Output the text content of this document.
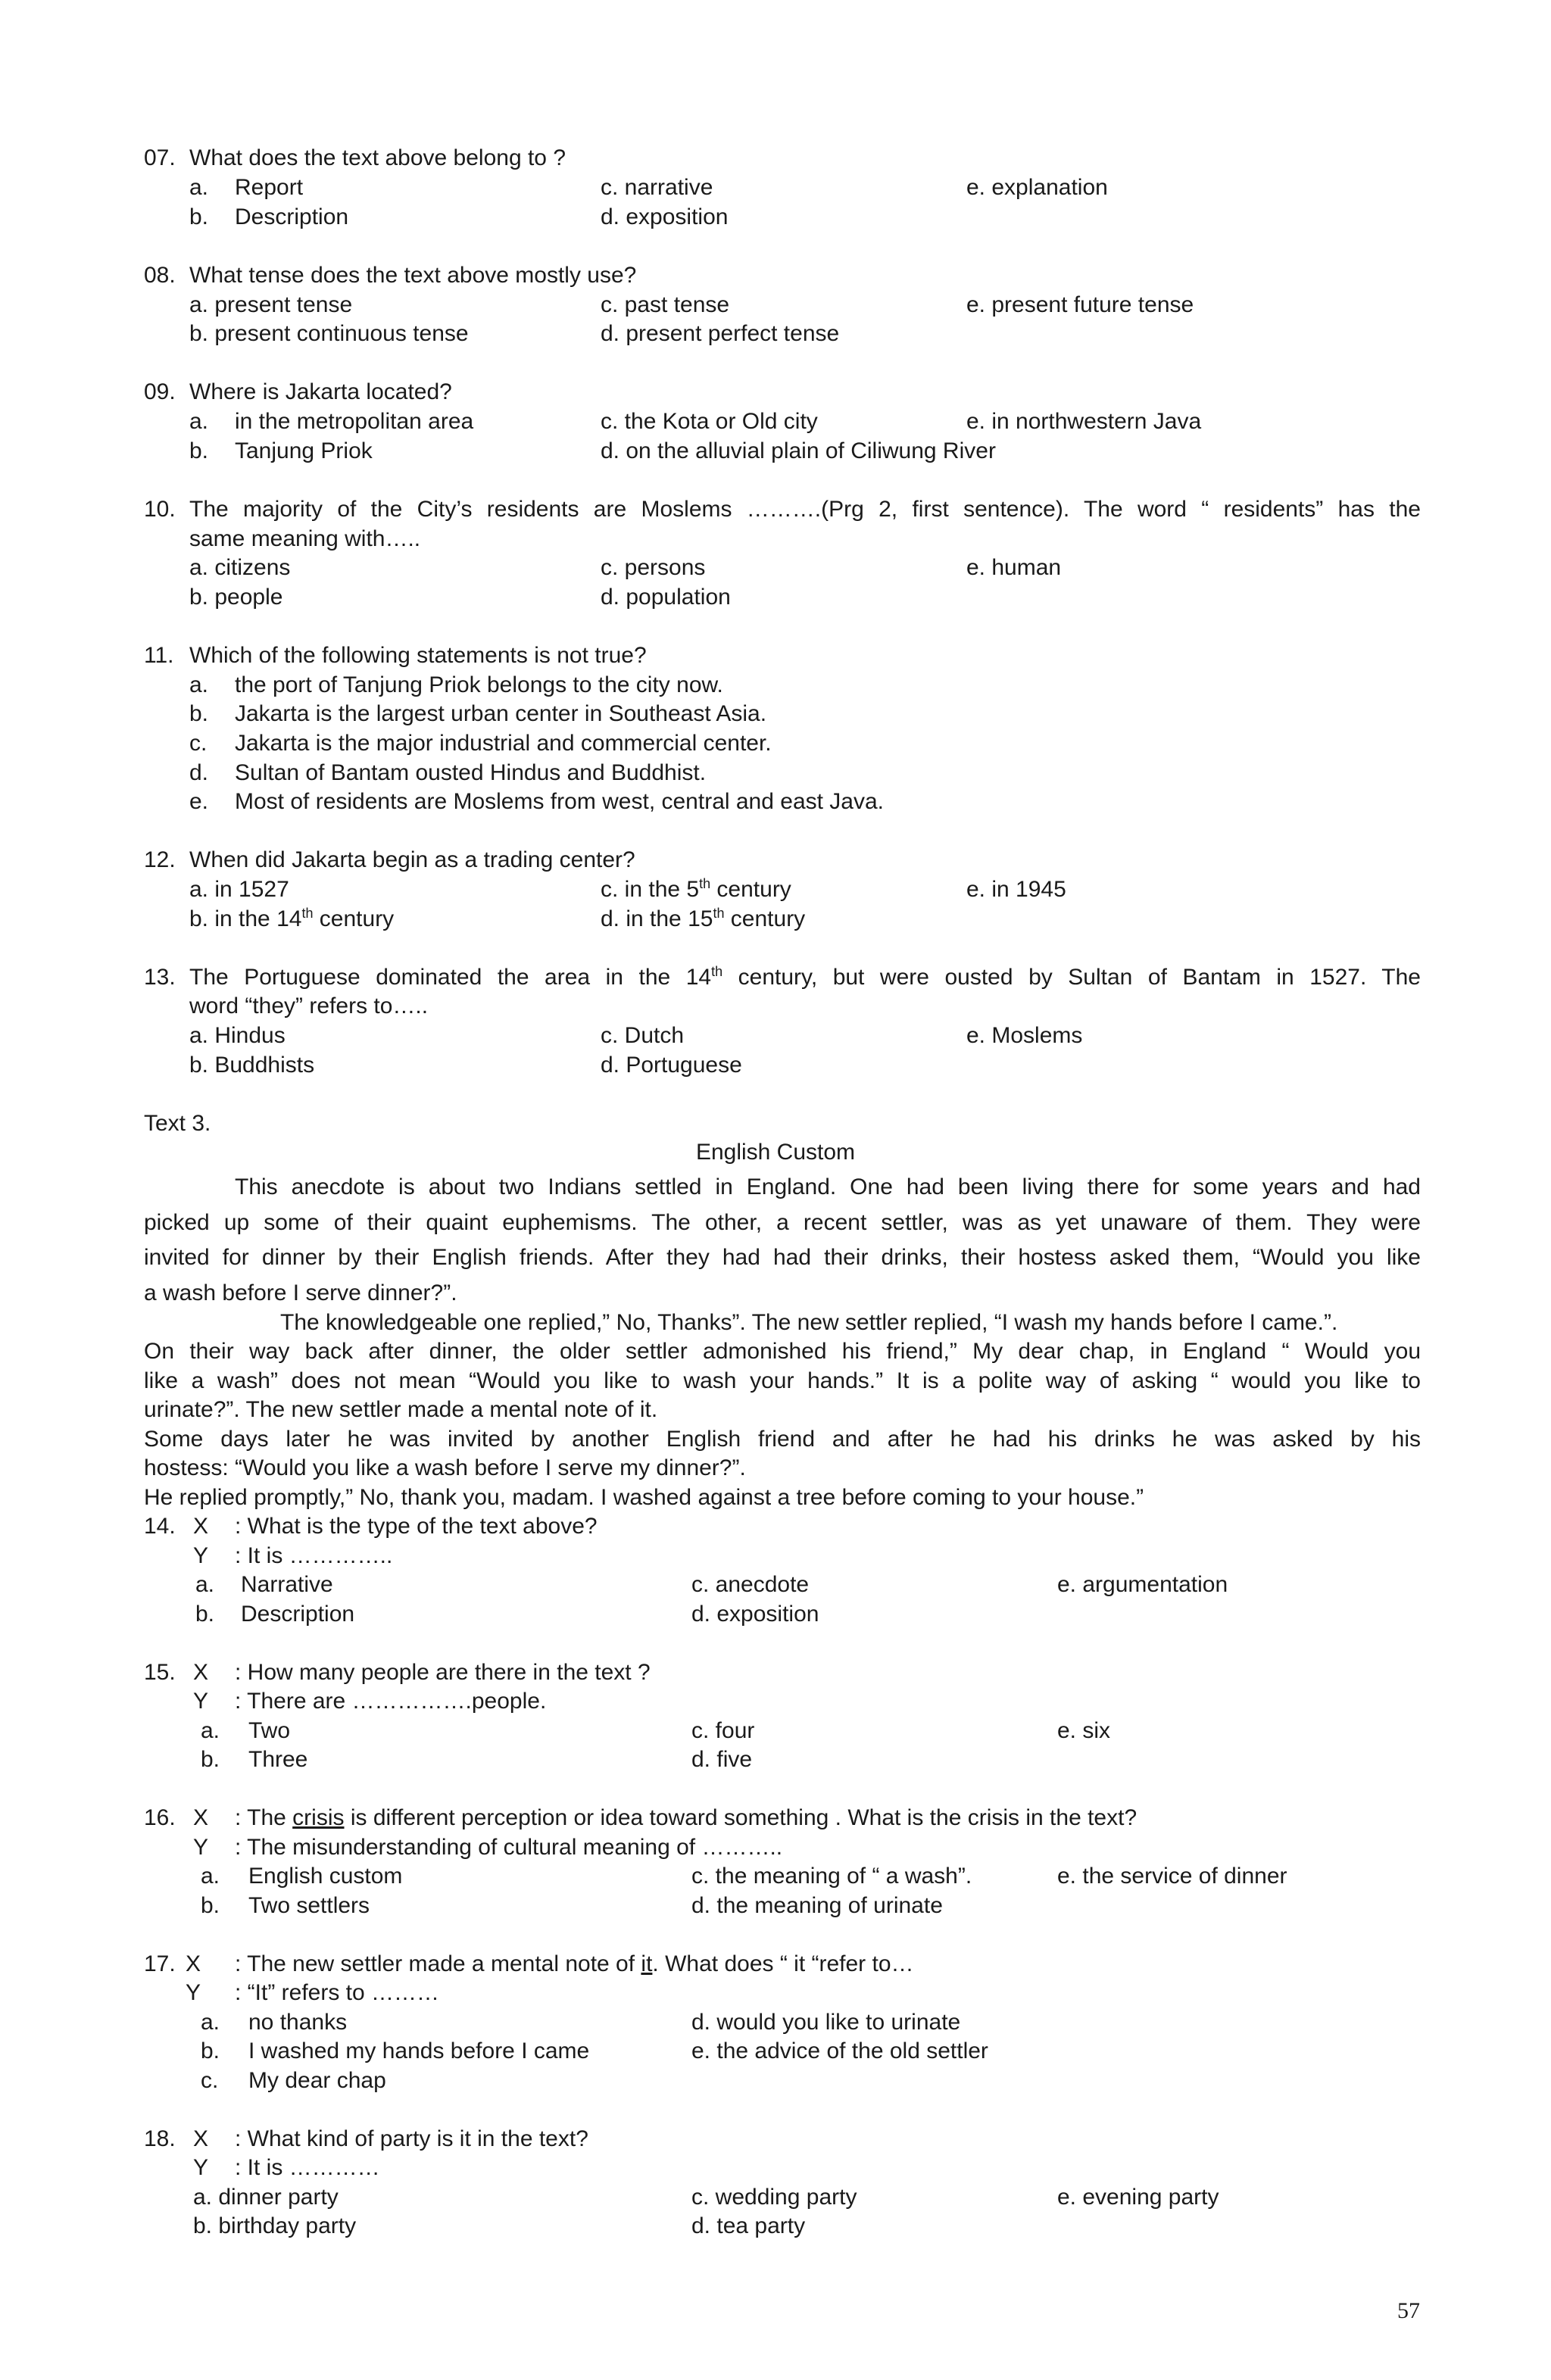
07. What does the text above belong to ?
a. Report	c. narrative	e. explanation
b. Description	d. exposition
08. What tense does the text above mostly use?
a. present tense	c. past tense	e. present future tense
b. present continuous tense	d. present perfect tense
09. Where is Jakarta located?
a. in the metropolitan area	c. the Kota or Old city	e. in northwestern Java
b. Tanjung Priok	d. on the alluvial plain of Ciliwung River
10. The majority of the City’s residents are Moslems ……….(Prg 2, first sentence). The word “ residents” has the
same meaning with…..
a. citizens	c. persons	e. human
b. people	d. population
11. Which of the following statements is not true?
a. the port of Tanjung Priok belongs to the city now.
b. Jakarta is the largest urban center in Southeast Asia.
c. Jakarta is the major industrial and commercial center.
d. Sultan of Bantam ousted Hindus and Buddhist.
e. Most of residents are Moslems from west, central and east Java.
12. When did Jakarta begin as a trading center?
a. in 1527	c. in the 5th century	e. in 1945
b. in the 14th century	d. in the 15th century
13. The Portuguese dominated the area in the 14th century, but were ousted by Sultan of Bantam in 1527. The
word “they” refers to…..
a. Hindus	c. Dutch	e. Moslems
b. Buddhists	d. Portuguese
Text 3.
English Custom
This anecdote is about two Indians settled in England. One had been living there for some years and had
picked up some of their quaint euphemisms. The other, a recent settler, was as yet unaware of them. They were
invited for dinner by their English friends. After they had had their drinks, their hostess asked them, “Would you like
a wash before I serve dinner?”.
The knowledgeable one replied,” No, Thanks”. The new settler replied, “I wash my hands before I came.”.
On their way back after dinner, the older settler admonished his friend,” My dear chap, in England “ Would you
like a wash” does not mean “Would you like to wash your hands.” It is a polite way of asking “ would you like to
urinate?”. The new settler made a mental note of it.
Some days later he was invited by another English friend and after he had his drinks he was asked by his
hostess: “Would you like a wash before I serve my dinner?”.
He replied promptly,” No, thank you, madam. I washed against a tree before coming to your house.”
14. X : What is the type of the text above?
Y : It is …………..
a. Narrative	c. anecdote	e. argumentation
b. Description	d. exposition
15. X : How many people are there in the text ?
Y : There are …………….people.
a. Two	c. four	e. six
b. Three	d. five
16. X : The crisis is different perception or idea toward something . What is the crisis in the text?
Y : The misunderstanding of cultural meaning of ………..
a. English custom	c. the meaning of “ a wash”.	e. the service of dinner
b. Two settlers	d. the meaning of urinate
17. X : The new settler made a mental note of it. What does “ it “refer to…
Y : “It” refers to ………
a. no thanks	d. would you like to urinate
b. I washed my hands before I came	e. the advice of the old settler
c. My dear chap
18. X : What kind of party is it in the text?
Y : It is …………
a. dinner party	c. wedding party	e. evening party
b. birthday party	d. tea party
57
